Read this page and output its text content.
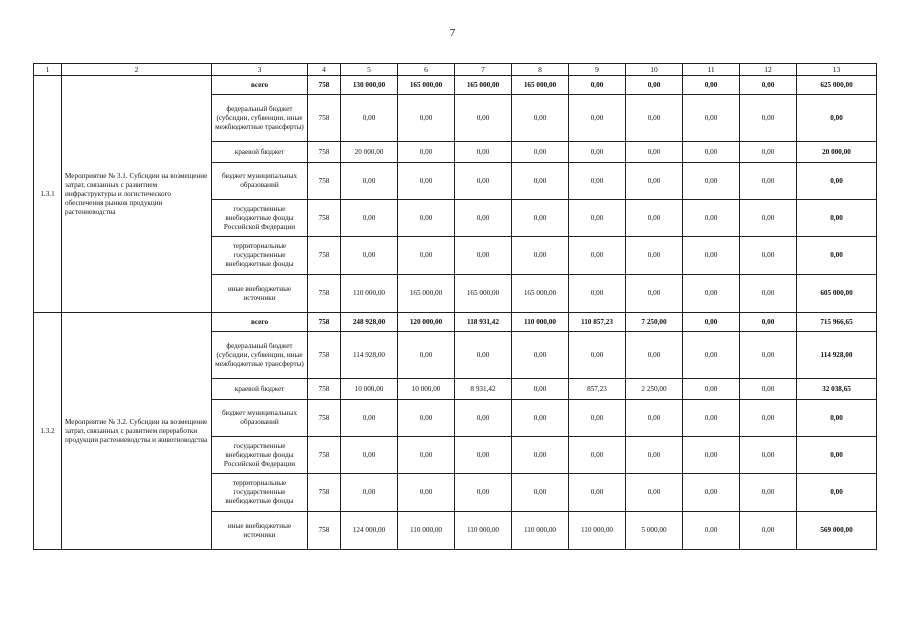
7
1	2	3	4	5	6	7	8	9	10	11	12	13
1.3.1	Мероприятие № 3.1. Субсидии на возмещение затрат, связанных с развитием инфраструктуры и логистического обеспечения рынков продукции растениеводства	всего	758	130 000,00	165 000,00	165 000,00	165 000,00	0,00	0,00	0,00	0,00	625 000,00
		федеральный бюджет (субсидии, субвенции, иные межбюджетные трансферты)	758	0,00	0,00	0,00	0,00	0,00	0,00	0,00	0,00	0,00
		краевой бюджет	758	20 000,00	0,00	0,00	0,00	0,00	0,00	0,00	0,00	20 000,00
		бюджет муниципальных образований	758	0,00	0,00	0,00	0,00	0,00	0,00	0,00	0,00	0,00
		государственные внебюджетные фонды Российской Федерации	758	0,00	0,00	0,00	0,00	0,00	0,00	0,00	0,00	0,00
		территориальные государственные внебюджетные фонды	758	0,00	0,00	0,00	0,00	0,00	0,00	0,00	0,00	0,00
		иные внебюджетные источники	758	110 000,00	165 000,00	165 000,00	165 000,00	0,00	0,00	0,00	0,00	605 000,00
1.3.2	Мероприятие № 3.2. Субсидии на возмещение затрат, связанных с развитием переработки продукции растениеводства и животноводства	всего	758	248 928,00	120 000,00	118 931,42	110 000,00	110 857,23	7 250,00	0,00	0,00	715 966,65
		федеральный бюджет (субсидии, субвенции, иные межбюджетные трансферты)	758	114 928,00	0,00	0,00	0,00	0,00	0,00	0,00	0,00	114 928,00
		краевой бюджет	758	10 000,00	10 000,00	8 931,42	0,00	857,23	2 250,00	0,00	0,00	32 038,65
		бюджет муниципальных образований	758	0,00	0,00	0,00	0,00	0,00	0,00	0,00	0,00	0,00
		государственные внебюджетные фонды Российской Федерации	758	0,00	0,00	0,00	0,00	0,00	0,00	0,00	0,00	0,00
		территориальные государственные внебюджетные фонды	758	0,00	0,00	0,00	0,00	0,00	0,00	0,00	0,00	0,00
		иные внебюджетные источники	758	124 000,00	110 000,00	110 000,00	110 000,00	110 000,00	5 000,00	0,00	0,00	569 000,00
